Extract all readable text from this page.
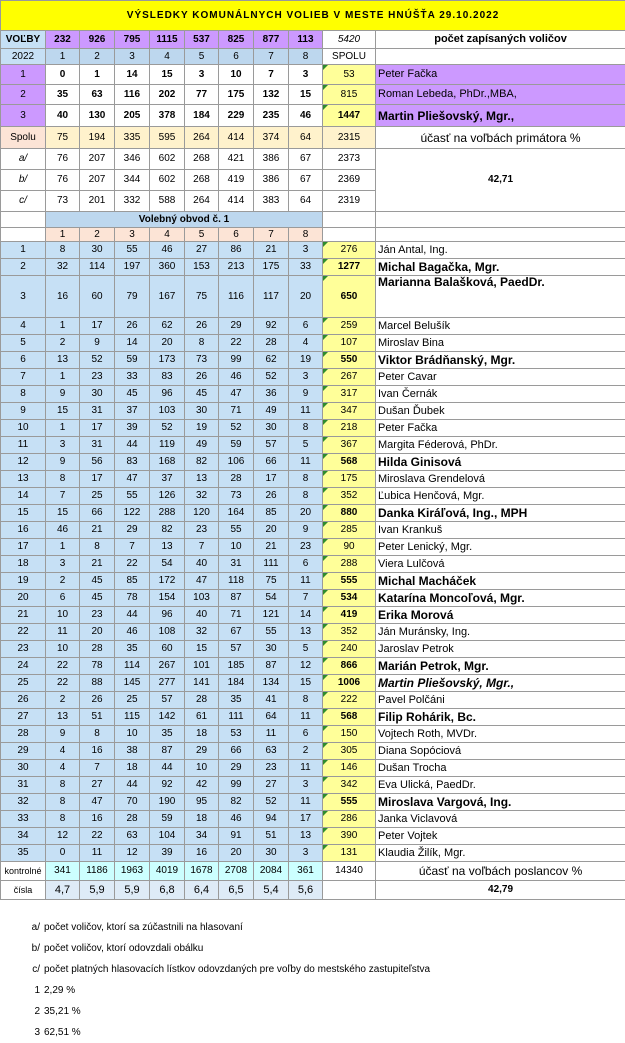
VÝSLEDKY KOMUNÁLNYCH VOLIEB V MESTE HNÚŠŤA 29.10.2022										
VOĽBY	232	926	795	1115	537	825	877	113	5420	počet zapísaných voličov
2022	1	2	3	4	5	6	7	8	SPOLU	
1	0	1	14	15	3	10	7	3	53	Peter Fačka
2	35	63	116	202	77	175	132	15	815	Roman Lebeda, PhDr.,MBA,
3	40	130	205	378	184	229	235	46	1447	Martin Pliešovský, Mgr.,
Spolu	75	194	335	595	264	414	374	64	2315	účasť na voľbách primátora %
a/	76	207	346	602	268	421	386	67	2373	42,71
b/	76	207	344	602	268	419	386	67	2369	
c/	73	201	332	588	264	414	383	64	2319	
	Volebný obvod č. 1									
	1	2	3	4	5	6	7	8		
1	8	30	55	46	27	86	21	3	276	Ján Antal, Ing.
2	32	114	197	360	153	213	175	33	1277	Michal Bagačka, Mgr.
3	16	60	79	167	75	116	117	20	650	Marianna Balašková, PaedDr.
4	1	17	26	62	26	29	92	6	259	Marcel Belušík
5	2	9	14	20	8	22	28	4	107	Miroslav Bina
6	13	52	59	173	73	99	62	19	550	Viktor Brádňanský, Mgr.
7	1	23	33	83	26	46	52	3	267	Peter Cavar
8	9	30	45	96	45	47	36	9	317	Ivan Černák
9	15	31	37	103	30	71	49	11	347	Dušan Ďubek
10	1	17	39	52	19	52	30	8	218	Peter Fačka
11	3	31	44	119	49	59	57	5	367	Margita Féderová, PhDr.
12	9	56	83	168	82	106	66	11	568	Hilda Ginisová
13	8	17	47	37	13	28	17	8	175	Miroslava Grendelová
14	7	25	55	126	32	73	26	8	352	Ľubica Henčová, Mgr.
15	15	66	122	288	120	164	85	20	880	Danka Kiráľová, Ing., MPH
16	46	21	29	82	23	55	20	9	285	Ivan Krankuš
17	1	8	7	13	7	10	21	23	90	Peter Lenický, Mgr.
18	3	21	22	54	40	31	111	6	288	Viera Lulčová
19	2	45	85	172	47	118	75	11	555	Michal Macháček
20	6	45	78	154	103	87	54	7	534	Katarína Moncoľová, Mgr.
21	10	23	44	96	40	71	121	14	419	Erika Morová
22	11	20	46	108	32	67	55	13	352	Ján Muránsky, Ing.
23	10	28	35	60	15	57	30	5	240	Jaroslav Petrok
24	22	78	114	267	101	185	87	12	866	Marián Petrok, Mgr.
25	22	88	145	277	141	184	134	15	1006	Martin Pliešovský, Mgr.,
26	2	26	25	57	28	35	41	8	222	Pavel Polčáni
27	13	51	115	142	61	111	64	11	568	Filip Rohárik, Bc.
28	9	8	10	35	18	53	11	6	150	Vojtech Roth, MVDr.
29	4	16	38	87	29	66	63	2	305	Diana Sopóciová
30	4	7	18	44	10	29	23	11	146	Dušan Trocha
31	8	27	44	92	42	99	27	3	342	Eva Ulická, PaedDr.
32	8	47	70	190	95	82	52	11	555	Miroslava Vargová, Ing.
33	8	16	28	59	18	46	94	17	286	Janka Viclavová
34	12	22	63	104	34	91	51	13	390	Peter Vojtek
35	0	11	12	39	16	20	30	3	131	Klaudia Žilík, Mgr.
kontrolné	341	1186	1963	4019	1678	2708	2084	361	14340	účasť na voľbách poslancov %
čísla	4,7	5,9	5,9	6,8	6,4	6,5	5,4	5,6		42,79
a/ počet voličov, ktorí sa zúčastnili na hlasovaní
b/ počet voličov, ktorí odovzdali obálku
c/ počet platných hlasovacích lístkov odovzdaných pre voľby do mestského zastupiteľstva
1 2,29 %
2 35,21 %
3 62,51 %
